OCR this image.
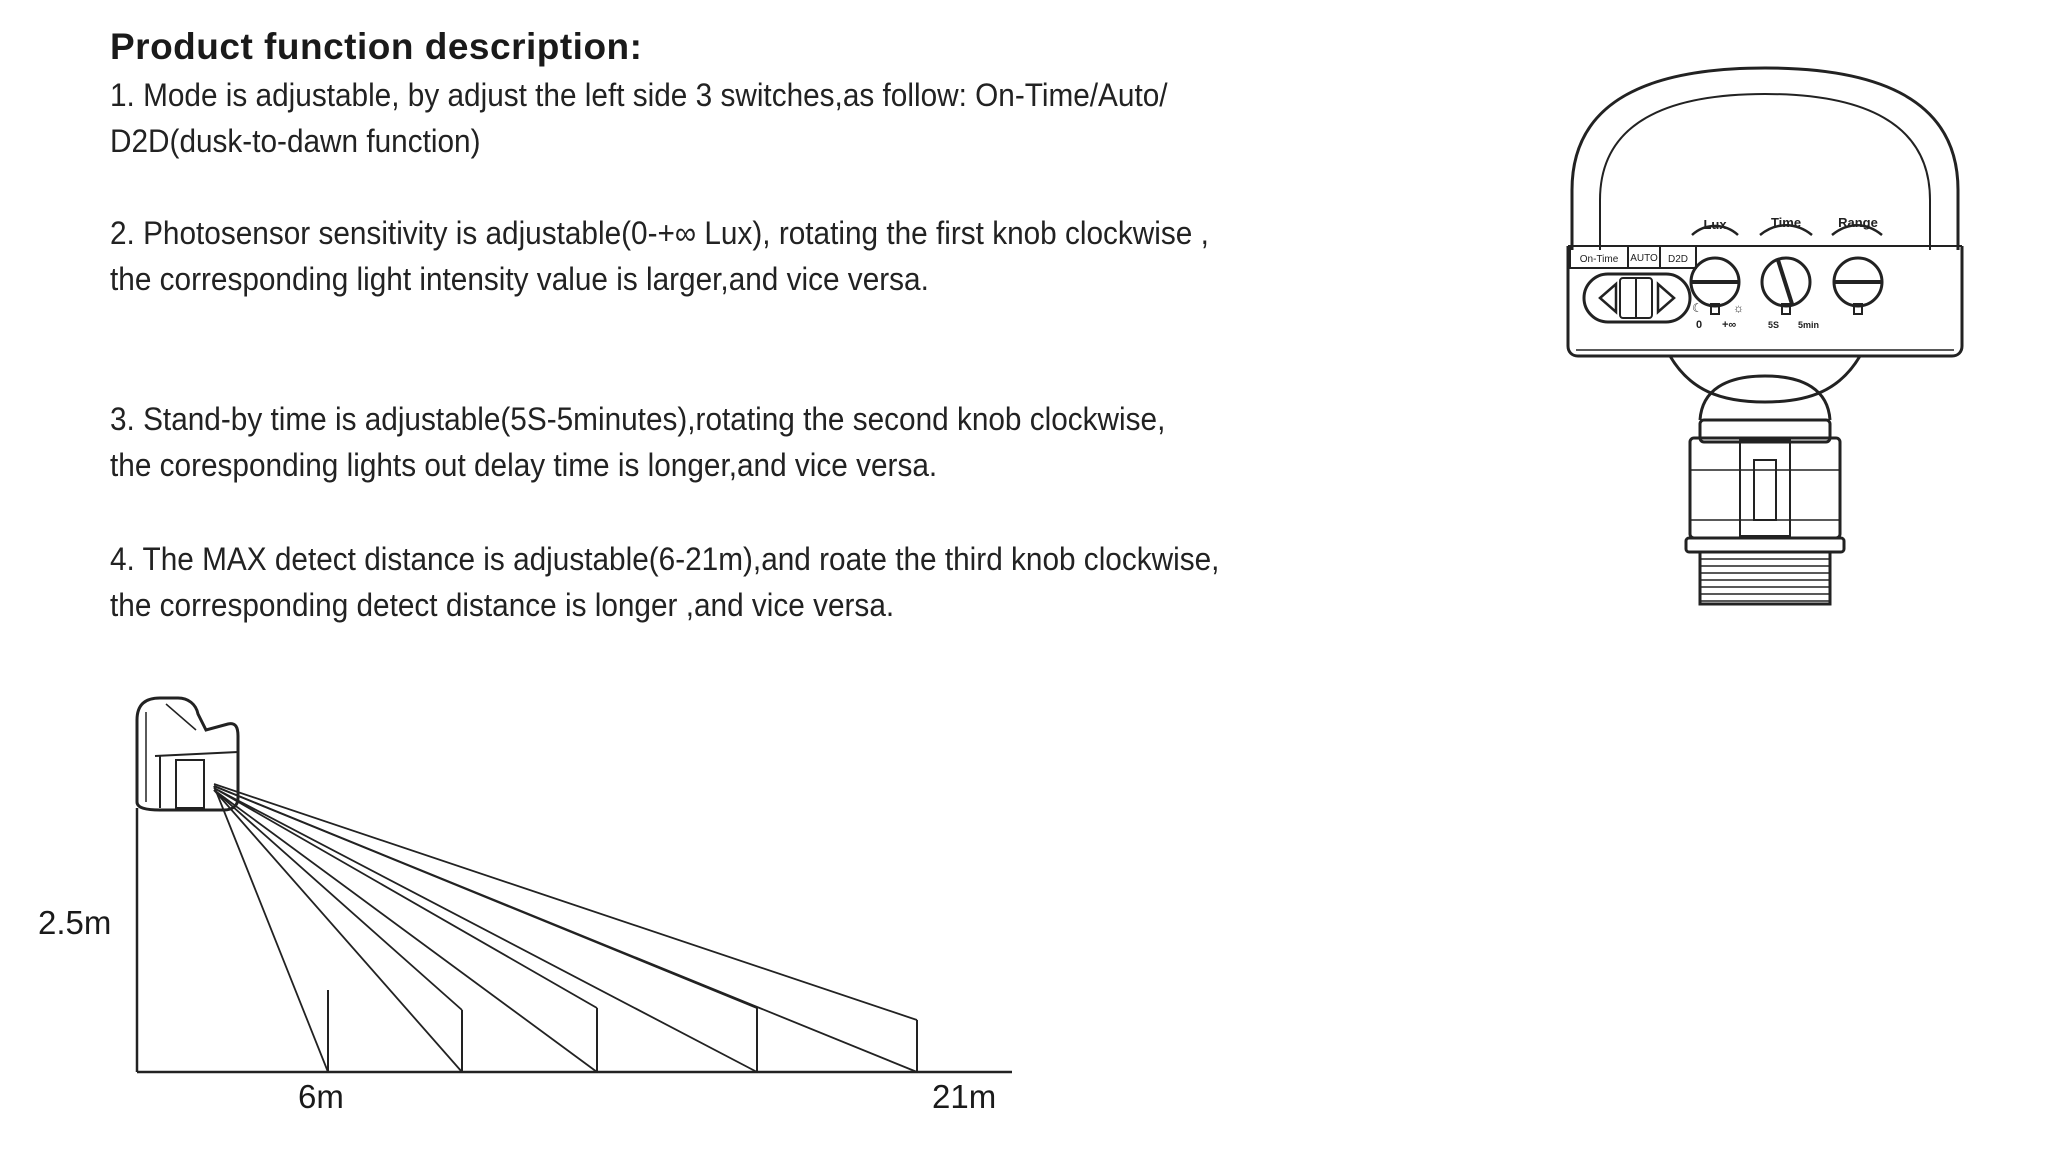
Product function description:
1. Mode is adjustable, by adjust the left side 3 switches,as follow: On-Time/Auto/
D2D(dusk-to-dawn function)
2. Photosensor sensitivity is adjustable(0-+∞ Lux), rotating the first knob clockwise ,
the corresponding light intensity value is larger,and vice versa.
3. Stand-by time is adjustable(5S-5minutes),rotating the second knob clockwise,
the coresponding lights out delay time is longer,and vice versa.
4. The MAX detect distance is adjustable(6-21m),and roate the third knob clockwise,
the corresponding detect distance is longer ,and vice versa.
On-Time AUTO D2D
Lux	Time	Range
☾	☼
0 +∞	5S 5min
2.5m
6m	21m
